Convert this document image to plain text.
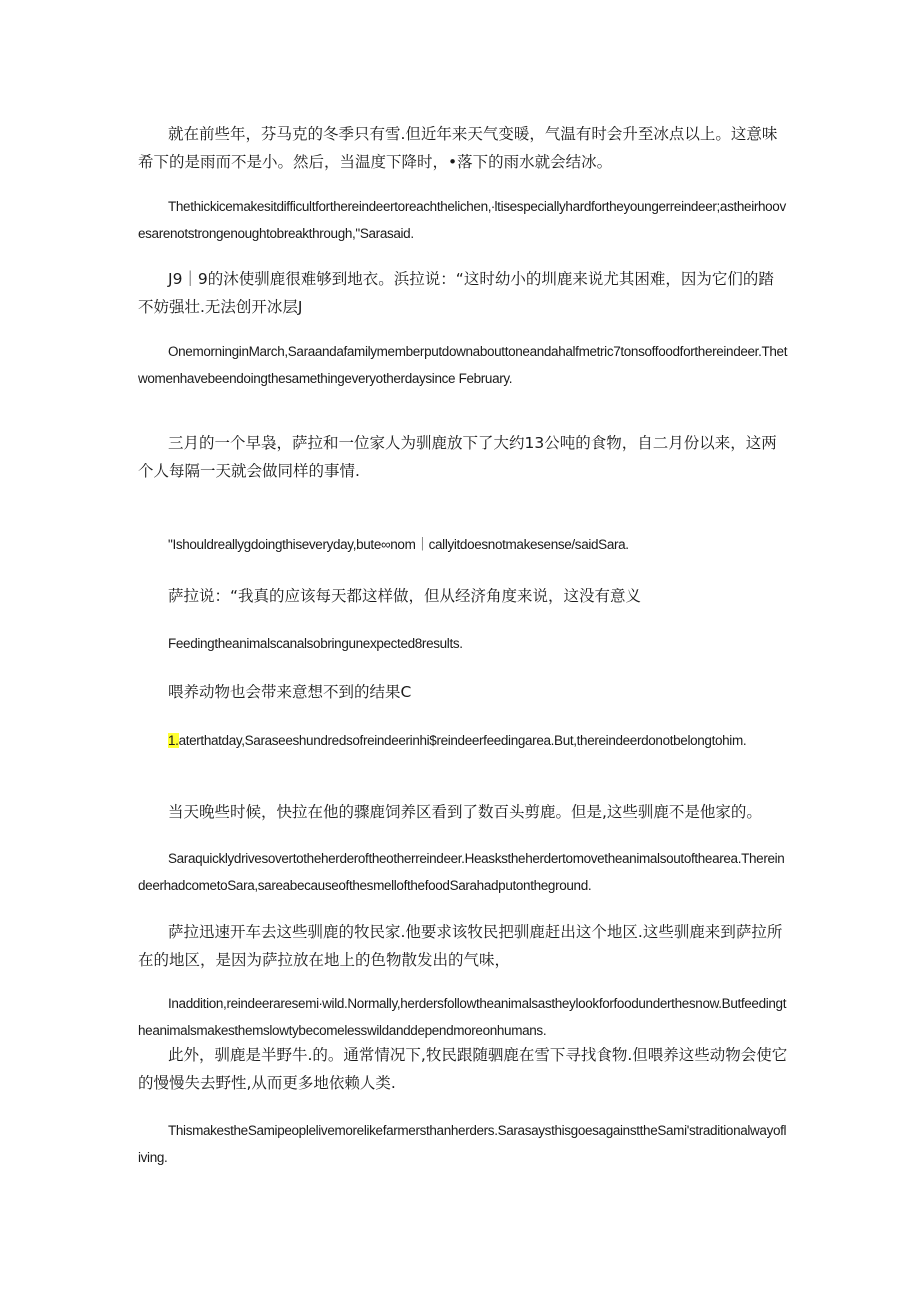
就在前些年，芬马克的冬季只有雪.但近年来天气变暖，气温有时会升至冰点以上。这意味希下的是雨而不是小。然后，当温度下降时，•落下的雨水就会结冰。

Thethickicemakesitdifficultforthereindeertoreachthelichen,∙ltisespeciallyhardfortheyoungerreindeer;astheirhoovesarenotstrongenoughtobreakthrough,"Sarasaid.

J9｜9的沐使驯鹿很难够到地衣。浜拉说：“这时幼小的圳鹿来说尤其困难，因为它们的踏不妨强壮.无法创开冰层J

OnemorninginMarch,Saraandafamilymemberputdownabouttoneandahalfmetric7tonsoffoodforthereindeer.Thetwomenhavebeendoingthesamethingeveryotherdaysince February.

三月的一个早袅，萨拉和一位家人为驯鹿放下了大约13公吨的食物，自二月份以来，这两个人每隔一天就会做同样的事情.

"Ishouldreallygdoingthiseveryday,bute∞nom｜callyitdoesnotmakesense/saidSara.

萨拉说：“我真的应该每天都这样做，但从经济角度来说，这没有意义

Feedingtheanimalscanalsobringunexpected8results.

喂养动物也会带来意想不到的结果C

1.aterthatday,Saraseeshundredsofreindeerinhi$reindeerfeedingarea.But,thereindeerdonotbelongtohim.

当天晚些时候，快拉在他的骤鹿饲养区看到了数百头剪鹿。但是,这些驯鹿不是他家的。

Saraquicklydrivesovertotheherderoftheotherreindeer.Heaskstheherdertomovetheanimalsoutofthearea.ThereindeerhadcometoSara,sareabecauseofthesmellofthefoodSarahadputontheground.

萨拉迅速开车去这些驯鹿的牧民家.他要求该牧民把驯鹿赶出这个地区.这些驯鹿来到萨拉所在的地区，是因为萨拉放在地上的色物散发出的气味，

Inaddition,reindeerаresemi∙wild.Normally,herdersfollowtheanimalsastheylookforfoodunderthesnow.Butfeedingtheanimalsmakesthemslowtybecomelesswildanddependmoreonhumans.

此外，驯鹿是半野牛.的。通常情况下,牧民跟随驷鹿在雪下寻找食物.但喂养这些动物会使它的慢慢失去野性,从而更多地依赖人类.

ThismakestheSamipeoplelivemorelikefarmersthanherders.SarasaysthisgoesagainsttheSami'straditionalwayofliving.
